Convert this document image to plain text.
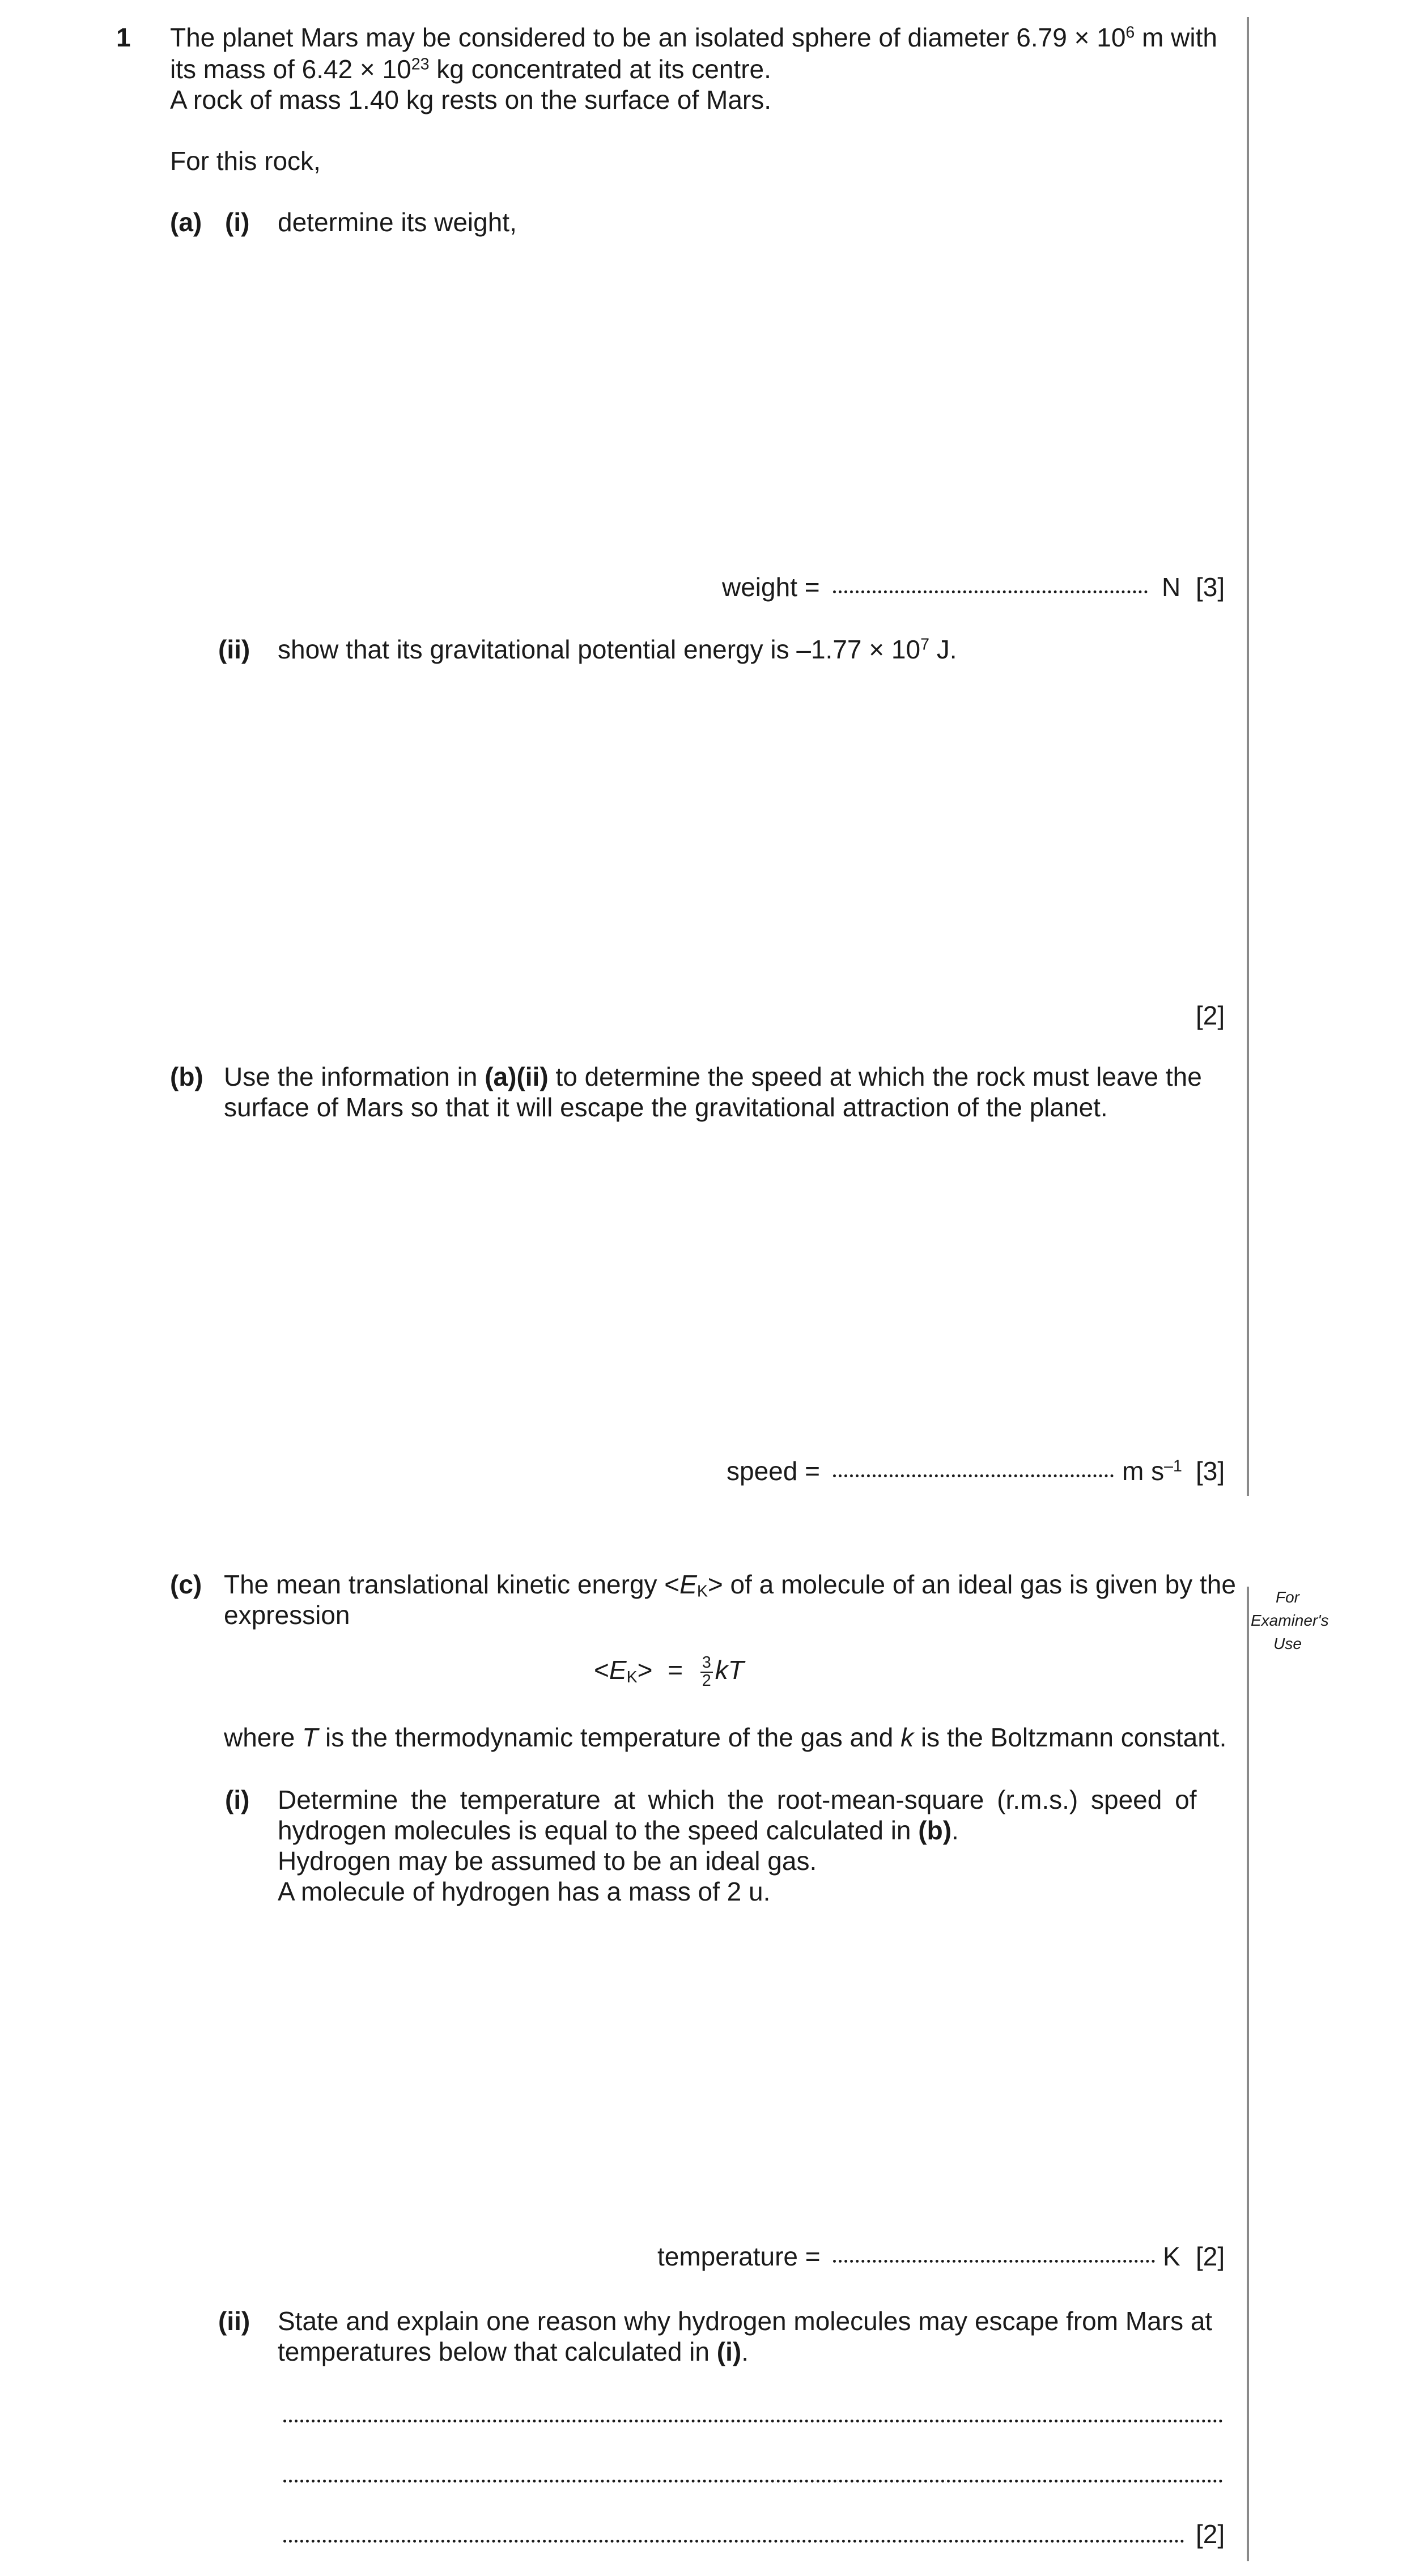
For
Examiner's
Use
1 The planet Mars may be considered to be an isolated sphere of diameter $6.79 \times 10^6$ m with
its mass of $6.42 \times 10^{23}$ kg concentrated at its centre.
A rock of mass 1.40 kg rests on the surface of Mars.
For this rock,
(a) (i) determine its weight,
weight =	N [3]
(ii) show that its gravitational potential energy is $-1.77 \times 10^7$ J.
[2]
(b) Use the information in (a)(ii) to determine the speed at which the rock must leave the
surface of Mars so that it will escape the gravitational attraction of the planet.
speed =	m $s^{-1}$ [3]
(c) The mean translational kinetic energy $<E_K>$ of a molecule of an ideal gas is given by the
expression
$<E_K> = \frac{3}{2}$ kT
where T is the thermodynamic temperature of the gas and k is the Boltzmann constant.
(i) Determine the temperature at which the root-mean-square (r.m.s.) speed of
hydrogen molecules is equal to the speed calculated in (b).
Hydrogen may be assumed to be an ideal gas.
A molecule of hydrogen has a mass of 2 u.
temperature =	K [2]
(ii) State and explain one reason why hydrogen molecules may escape from Mars at
temperatures below that calculated in (i).
[2]
